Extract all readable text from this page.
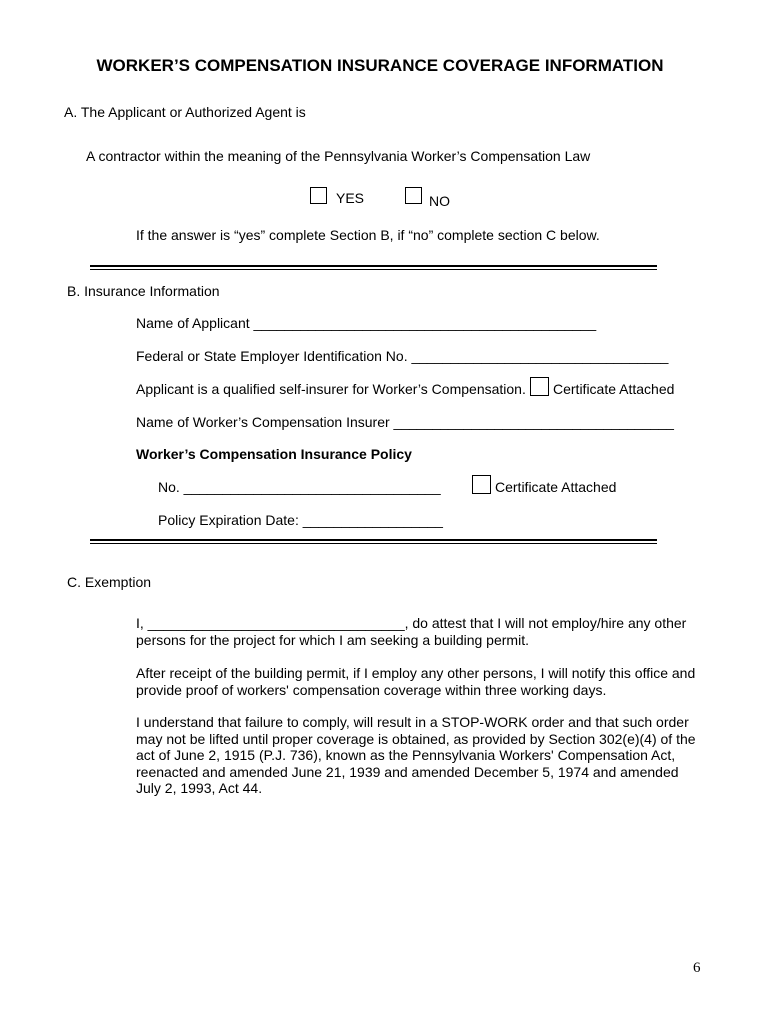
WORKER’S COMPENSATION INSURANCE COVERAGE INFORMATION
A. The Applicant or Authorized Agent is
A contractor within the meaning of the Pennsylvania Worker’s Compensation Law
YES	NO
If the answer is “yes” complete Section B, if “no” complete section C below.
B. Insurance Information
Name of Applicant ____________________________________________
Federal or State Employer Identification No. _________________________________
Applicant is a qualified self-insurer for Worker’s Compensation. Certificate Attached
Name of Worker’s Compensation Insurer ____________________________________
Worker’s Compensation Insurance Policy
No. _________________________________	Certificate Attached
Policy Expiration Date: __________________
C. Exemption
I, _________________________________, do attest that I will not employ/hire any other
persons for the project for which I am seeking a building permit.
After receipt of the building permit, if I employ any other persons, I will notify this office and provide proof of workers' compensation coverage within three working days.
I understand that failure to comply, will result in a STOP-WORK order and that such order may not be lifted until proper coverage is obtained, as provided by Section 302(e)(4) of the act of June 2, 1915 (P.J. 736), known as the Pennsylvania Workers' Compensation Act, reenacted and amended June 21, 1939 and amended December 5, 1974 and amended July 2, 1993, Act 44.
6
